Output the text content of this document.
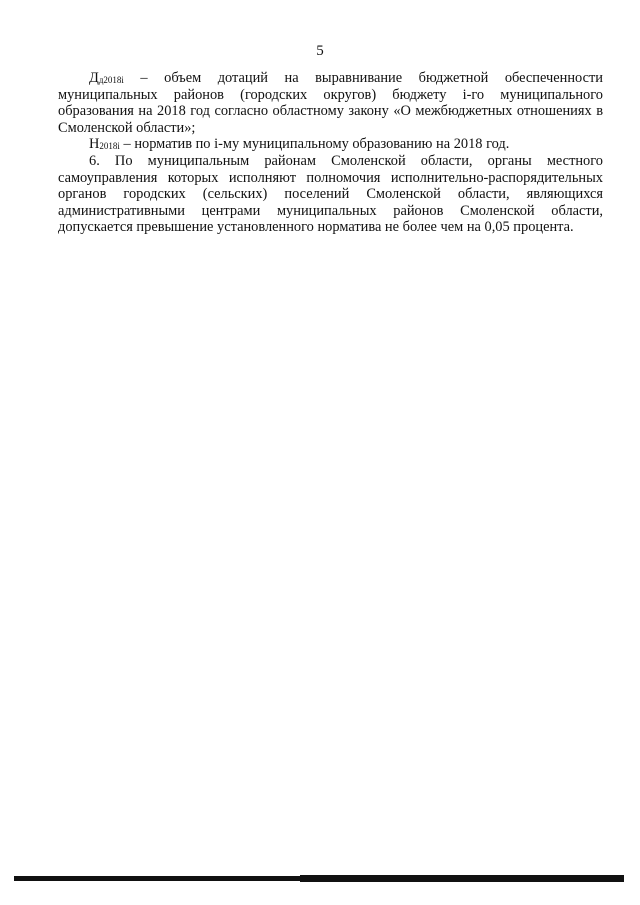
5

Дд2018i – объем дотаций на выравнивание бюджетной обеспеченности муниципальных районов (городских округов) бюджету i-го муниципального образования на 2018 год согласно областному закону «О межбюджетных отношениях в Смоленской области»;

Н2018i – норматив по i-му муниципальному образованию на 2018 год.

6. По муниципальным районам Смоленской области, органы местного самоуправления которых исполняют полномочия исполнительно-распорядительных органов городских (сельских) поселений Смоленской области, являющихся административными центрами муниципальных районов Смоленской области, допускается превышение установленного норматива не более чем на 0,05 процента.
